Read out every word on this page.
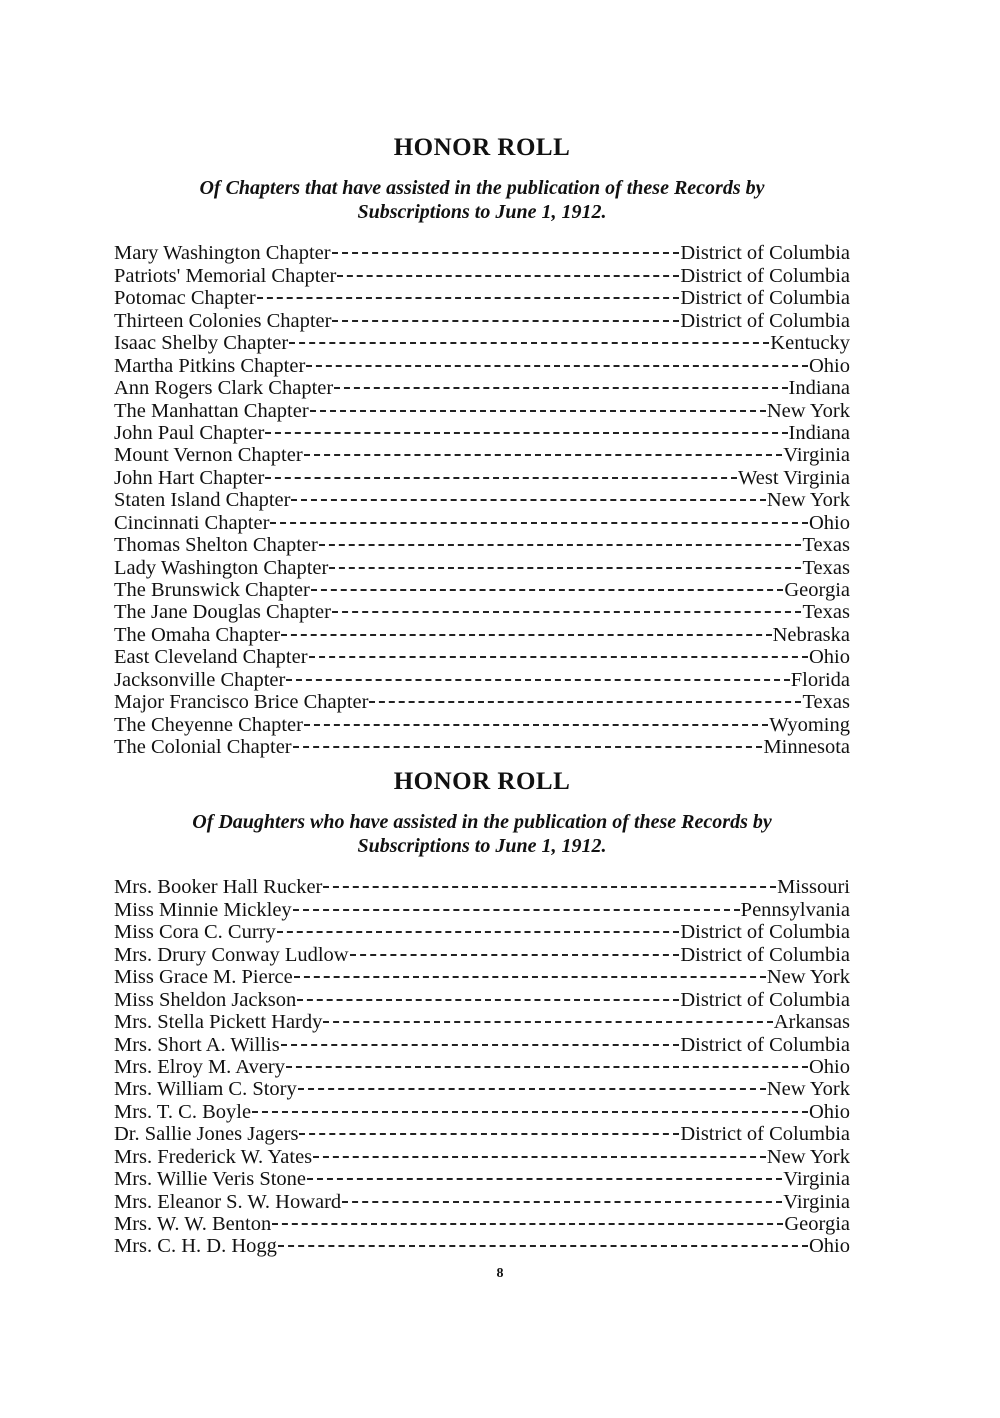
HONOR ROLL

Of Chapters that have assisted in the publication of these Records by
Subscriptions to June 1, 1912.

Mary Washington Chapter	District of Columbia
Patriots' Memorial Chapter	District of Columbia
Potomac Chapter	District of Columbia
Thirteen Colonies Chapter	District of Columbia
Isaac Shelby Chapter	Kentucky
Martha Pitkins Chapter	Ohio
Ann Rogers Clark Chapter	Indiana
The Manhattan Chapter	New York
John Paul Chapter	Indiana
Mount Vernon Chapter	Virginia
John Hart Chapter	West Virginia
Staten Island Chapter	New York
Cincinnati Chapter	Ohio
Thomas Shelton Chapter	Texas
Lady Washington Chapter	Texas
The Brunswick Chapter	Georgia
The Jane Douglas Chapter	Texas
The Omaha Chapter	Nebraska
East Cleveland Chapter	Ohio
Jacksonville Chapter	Florida
Major Francisco Brice Chapter	Texas
The Cheyenne Chapter	Wyoming
The Colonial Chapter	Minnesota
HONOR ROLL

Of Daughters who have assisted in the publication of these Records by
Subscriptions to June 1, 1912.

Mrs. Booker Hall Rucker	Missouri
Miss Minnie Mickley	Pennsylvania
Miss Cora C. Curry	District of Columbia
Mrs. Drury Conway Ludlow	District of Columbia
Miss Grace M. Pierce	New York
Miss Sheldon Jackson	District of Columbia
Mrs. Stella Pickett Hardy	Arkansas
Mrs. Short A. Willis	District of Columbia
Mrs. Elroy M. Avery	Ohio
Mrs. William C. Story	New York
Mrs. T. C. Boyle	Ohio
Dr. Sallie Jones Jagers	District of Columbia
Mrs. Frederick W. Yates	New York
Mrs. Willie Veris Stone	Virginia
Mrs. Eleanor S. W. Howard	Virginia
Mrs. W. W. Benton	Georgia
Mrs. C. H. D. Hogg	Ohio
8
